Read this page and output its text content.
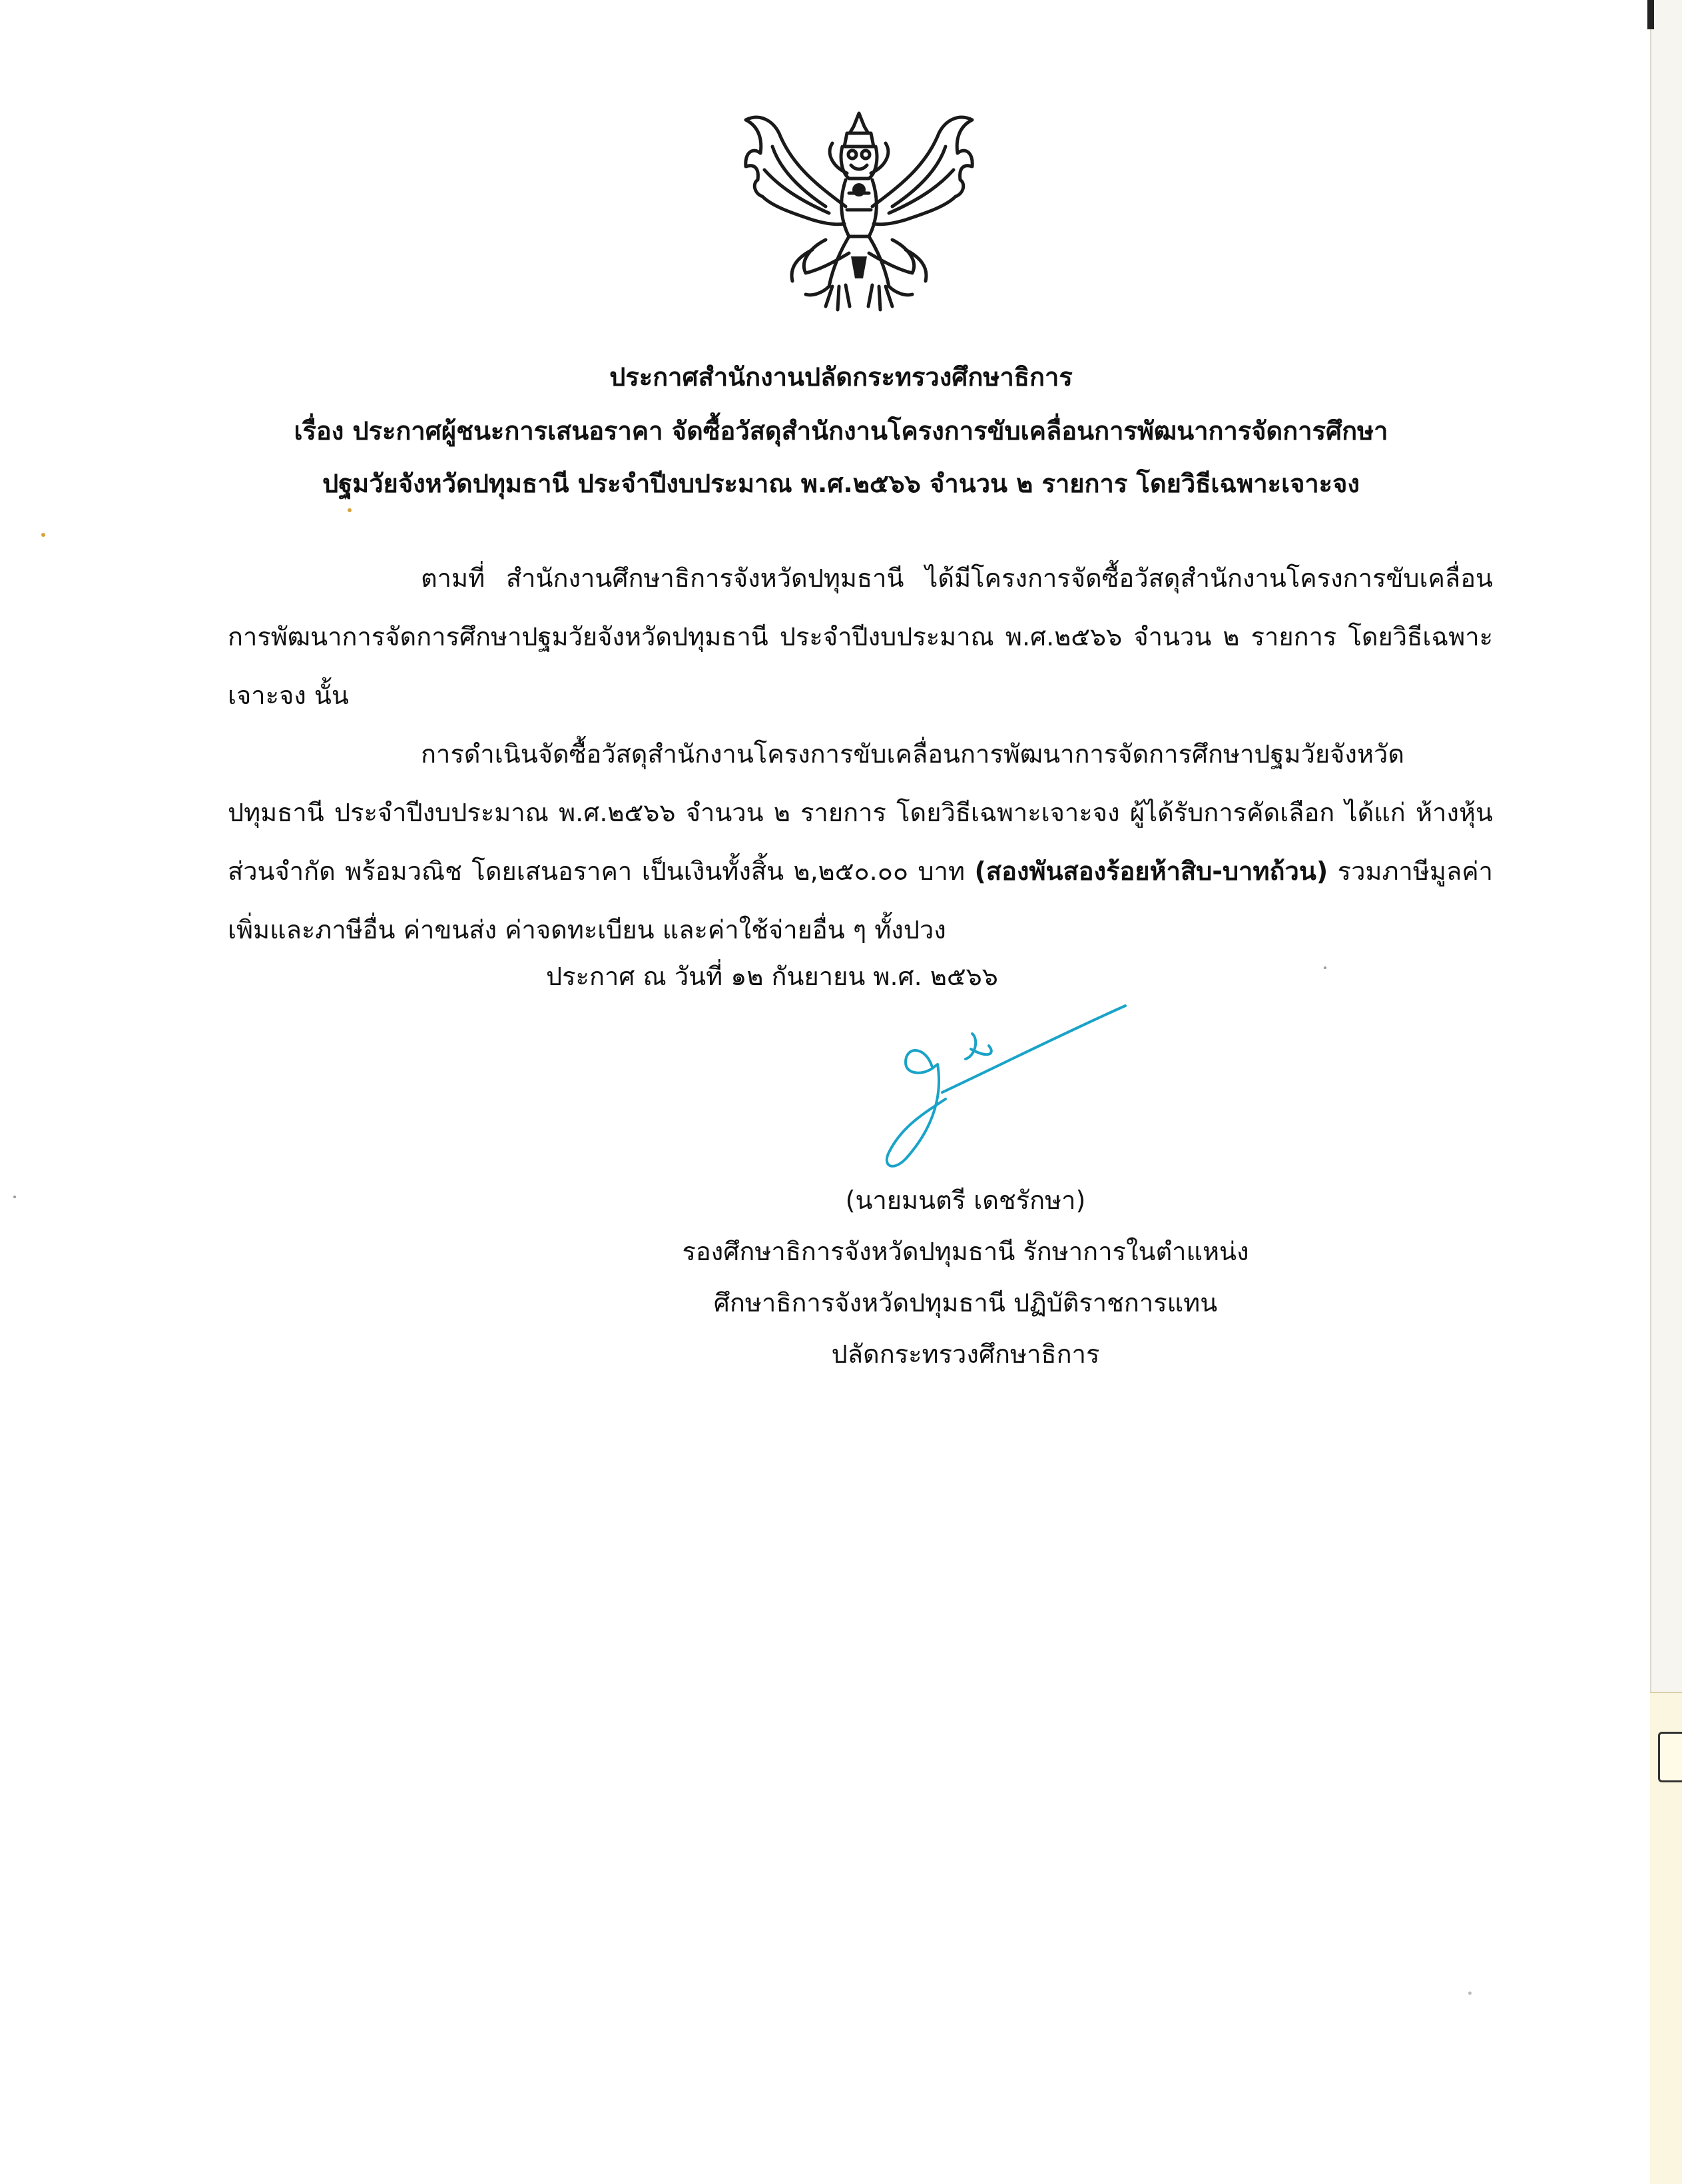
ประกาศสำนักงานปลัดกระทรวงศึกษาธิการ

เรื่อง ประกาศผู้ชนะการเสนอราคา จัดซื้อวัสดุสำนักงานโครงการขับเคลื่อนการพัฒนาการจัดการศึกษา

ปฐมวัยจังหวัดปทุมธานี ประจำปีงบประมาณ พ.ศ.๒๕๖๖ จำนวน ๒ รายการ โดยวิธีเฉพาะเจาะจง

ตามที่ สำนักงานศึกษาธิการจังหวัดปทุมธานี ได้มีโครงการจัดซื้อวัสดุสำนักงานโครงการขับเคลื่อนการพัฒนาการจัดการศึกษาปฐมวัยจังหวัดปทุมธานี ประจำปีงบประมาณ พ.ศ.๒๕๖๖ จำนวน ๒ รายการ โดยวิธีเฉพาะเจาะจง นั้น

การดำเนินจัดซื้อวัสดุสำนักงานโครงการขับเคลื่อนการพัฒนาการจัดการศึกษาปฐมวัยจังหวัดปทุมธานี ประจำปีงบประมาณ พ.ศ.๒๕๖๖ จำนวน ๒ รายการ โดยวิธีเฉพาะเจาะจง ผู้ได้รับการคัดเลือก ได้แก่ ห้างหุ้นส่วนจำกัด พร้อมวณิช โดยเสนอราคา เป็นเงินทั้งสิ้น ๒,๒๕๐.๐๐ บาท (สองพันสองร้อยห้าสิบ-บาทถ้วน) รวมภาษีมูลค่าเพิ่มและภาษีอื่น ค่าขนส่ง ค่าจดทะเบียน และค่าใช้จ่ายอื่น ๆ ทั้งปวง

ประกาศ ณ วันที่ ๑๒ กันยายน พ.ศ. ๒๕๖๖

(นายมนตรี เดชรักษา)

รองศึกษาธิการจังหวัดปทุมธานี รักษาการในตำแหน่ง

ศึกษาธิการจังหวัดปทุมธานี ปฏิบัติราชการแทน

ปลัดกระทรวงศึกษาธิการ
